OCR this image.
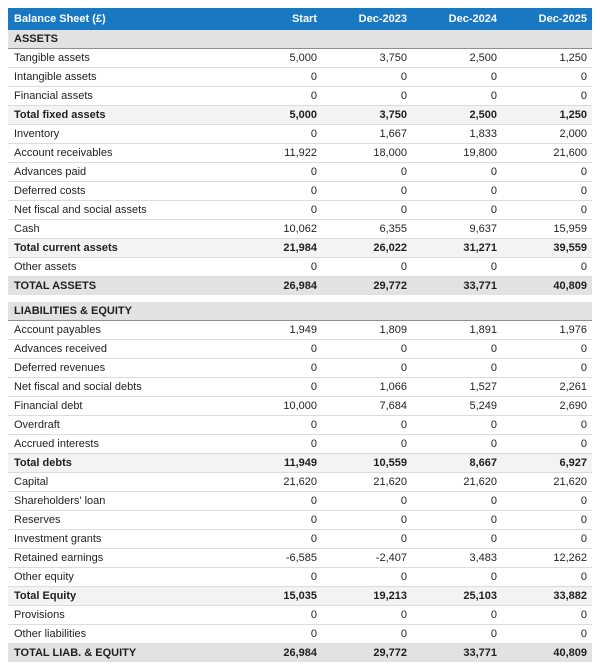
Balance Sheet (£)	Start	Dec-2023	Dec-2024	Dec-2025
ASSETS				
Tangible assets	5,000	3,750	2,500	1,250
Intangible assets	0	0	0	0
Financial assets	0	0	0	0
Total fixed assets	5,000	3,750	2,500	1,250
Inventory	0	1,667	1,833	2,000
Account receivables	11,922	18,000	19,800	21,600
Advances paid	0	0	0	0
Deferred costs	0	0	0	0
Net fiscal and social assets	0	0	0	0
Cash	10,062	6,355	9,637	15,959
Total current assets	21,984	26,022	31,271	39,559
Other assets	0	0	0	0
TOTAL ASSETS	26,984	29,772	33,771	40,809

LIABILITIES & EQUITY				
Account payables	1,949	1,809	1,891	1,976
Advances received	0	0	0	0
Deferred revenues	0	0	0	0
Net fiscal and social debts	0	1,066	1,527	2,261
Financial debt	10,000	7,684	5,249	2,690
Overdraft	0	0	0	0
Accrued interests	0	0	0	0
Total debts	11,949	10,559	8,667	6,927
Capital	21,620	21,620	21,620	21,620
Shareholders' loan	0	0	0	0
Reserves	0	0	0	0
Investment grants	0	0	0	0
Retained earnings	-6,585	-2,407	3,483	12,262
Other equity	0	0	0	0
Total Equity	15,035	19,213	25,103	33,882
Provisions	0	0	0	0
Other liabilities	0	0	0	0
TOTAL LIAB. & EQUITY	26,984	29,772	33,771	40,809
